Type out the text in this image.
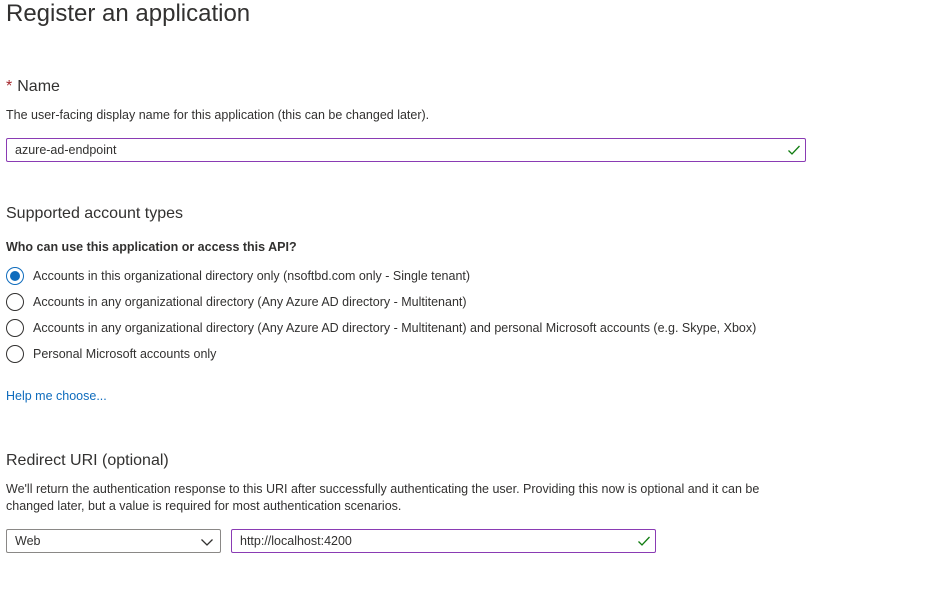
Register an application
* Name
The user-facing display name for this application (this can be changed later).
azure-ad-endpoint
Supported account types
Who can use this application or access this API?
Accounts in this organizational directory only (nsoftbd.com only - Single tenant)
Accounts in any organizational directory (Any Azure AD directory - Multitenant)
Accounts in any organizational directory (Any Azure AD directory - Multitenant) and personal Microsoft accounts (e.g. Skype, Xbox)
Personal Microsoft accounts only
Help me choose...
Redirect URI (optional)
We'll return the authentication response to this URI after successfully authenticating the user. Providing this now is optional and it can be changed later, but a value is required for most authentication scenarios.
Web	http://localhost:4200
